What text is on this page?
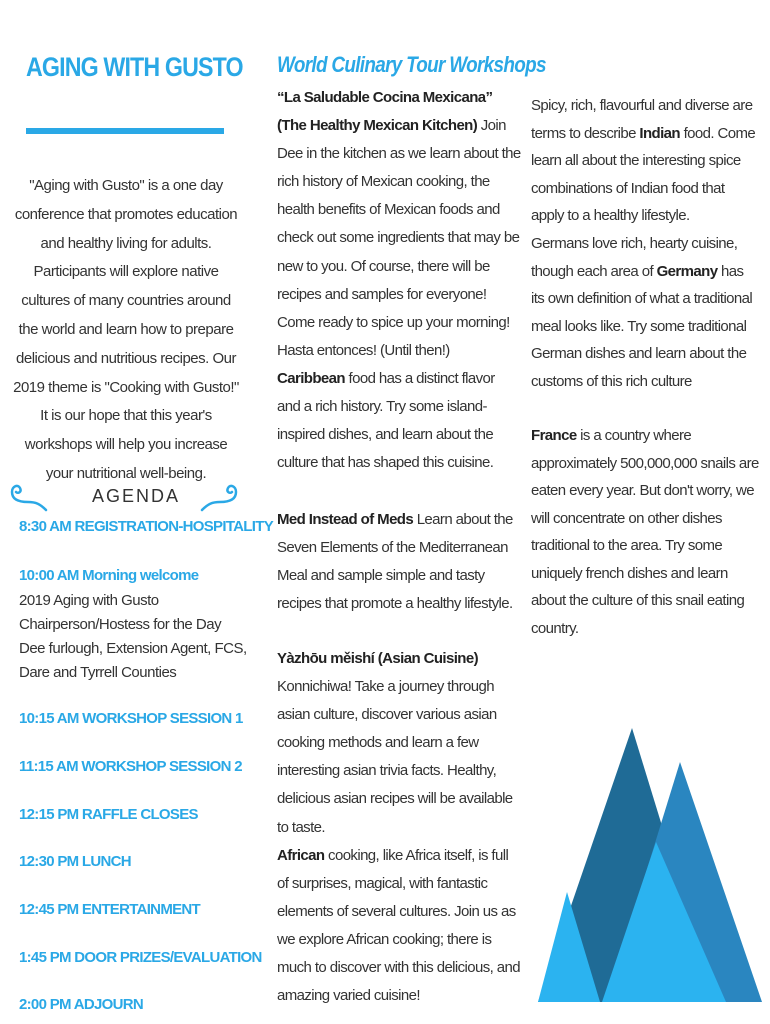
AGING WITH GUSTO
"Aging with Gusto" is a one day conference that promotes education and healthy living for adults. Participants will explore native cultures of many countries around the world and learn how to prepare delicious and nutritious recipes. Our 2019 theme is "Cooking with Gusto!" It is our hope that this year's workshops will help you increase your nutritional well-being.
AGENDA
8:30 AM REGISTRATION-HOSPITALITY
10:00 AM Morning welcome
2019 Aging with Gusto Chairperson/Hostess for the Day Dee furlough, Extension Agent, FCS, Dare and Tyrrell Counties
10:15 AM WORKSHOP SESSION 1
11:15 AM WORKSHOP SESSION 2
12:15 PM RAFFLE CLOSES
12:30 PM LUNCH
12:45 PM ENTERTAINMENT
1:45 PM DOOR PRIZES/EVALUATION
2:00 PM ADJOURN
World Culinary Tour Workshops
“La Saludable Cocina Mexicana” (The Healthy Mexican Kitchen) Join Dee in the kitchen as we learn about the rich history of Mexican cooking, the health benefits of Mexican foods and check out some ingredients that may be new to you. Of course, there will be recipes and samples for everyone! Come ready to spice up your morning! Hasta entonces! (Until then!)
Caribbean food has a distinct flavor and a rich history. Try some island-inspired dishes, and learn about the culture that has shaped this cuisine.
Med Instead of Meds Learn about the Seven Elements of the Mediterranean Meal and sample simple and tasty recipes that promote a healthy lifestyle.
Yàzhōu měishí (Asian Cuisine) Konnichiwa! Take a journey through asian culture, discover various asian cooking methods and learn a few interesting asian trivia facts. Healthy, delicious asian recipes will be available to taste.
African cooking, like Africa itself, is full of surprises, magical, with fantastic elements of several cultures. Join us as we explore African cooking; there is much to discover with this delicious, and amazing varied cuisine!
Spicy, rich, flavourful and diverse are terms to describe Indian food. Come learn all about the interesting spice combinations of Indian food that apply to a healthy lifestyle.
Germans love rich, hearty cuisine, though each area of Germany has its own definition of what a traditional meal looks like. Try some traditional German dishes and learn about the customs of this rich culture
France is a country where approximately 500,000,000 snails are eaten every year. But don't worry, we will concentrate on other dishes traditional to the area. Try some uniquely french dishes and learn about the culture of this snail eating country.
